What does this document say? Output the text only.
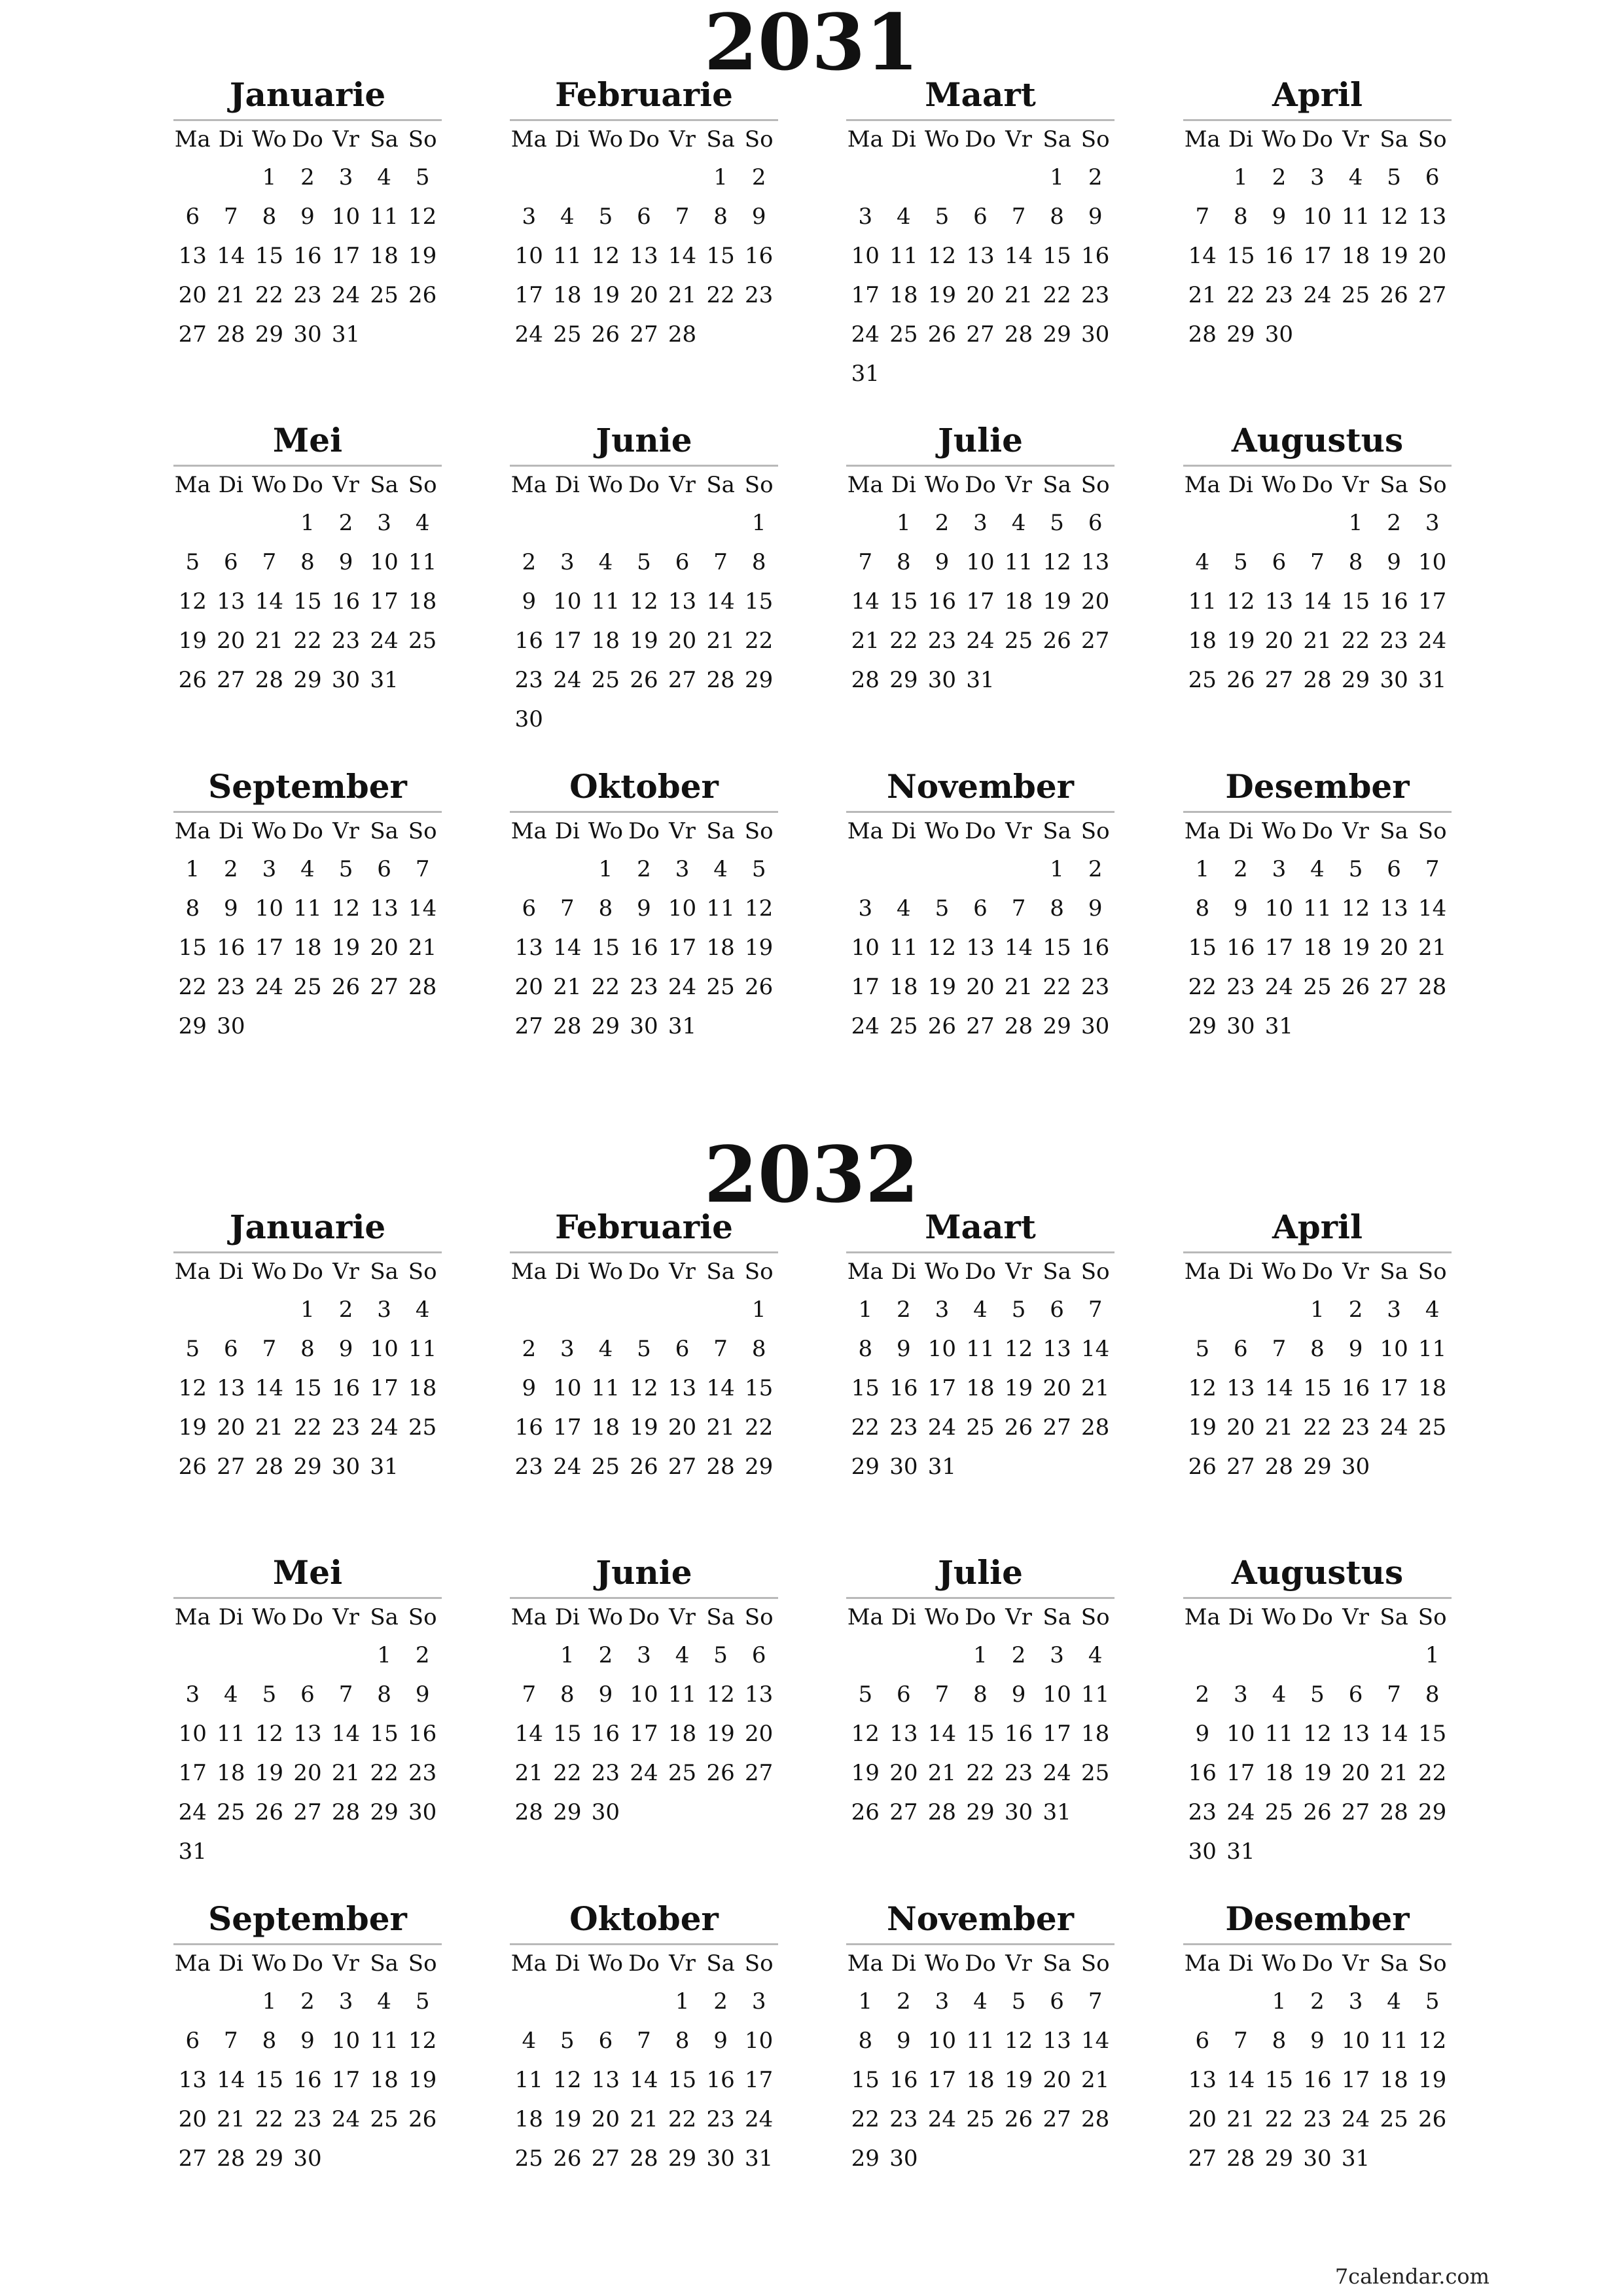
2031
Januarie
Ma	Di	Wo	Do	Vr	Sa	So
		1	2	3	4	5
6	7	8	9	10	11	12
13	14	15	16	17	18	19
20	21	22	23	24	25	26
27	28	29	30	31		
Februarie
Ma	Di	Wo	Do	Vr	Sa	So
					1	2
3	4	5	6	7	8	9
10	11	12	13	14	15	16
17	18	19	20	21	22	23
24	25	26	27	28		
Maart
Ma	Di	Wo	Do	Vr	Sa	So
					1	2
3	4	5	6	7	8	9
10	11	12	13	14	15	16
17	18	19	20	21	22	23
24	25	26	27	28	29	30
31						
April
Ma	Di	Wo	Do	Vr	Sa	So
	1	2	3	4	5	6
7	8	9	10	11	12	13
14	15	16	17	18	19	20
21	22	23	24	25	26	27
28	29	30				
Mei
Ma	Di	Wo	Do	Vr	Sa	So
			1	2	3	4
5	6	7	8	9	10	11
12	13	14	15	16	17	18
19	20	21	22	23	24	25
26	27	28	29	30	31	
Junie
Ma	Di	Wo	Do	Vr	Sa	So
						1
2	3	4	5	6	7	8
9	10	11	12	13	14	15
16	17	18	19	20	21	22
23	24	25	26	27	28	29
30						
Julie
Ma	Di	Wo	Do	Vr	Sa	So
	1	2	3	4	5	6
7	8	9	10	11	12	13
14	15	16	17	18	19	20
21	22	23	24	25	26	27
28	29	30	31			
Augustus
Ma	Di	Wo	Do	Vr	Sa	So
				1	2	3
4	5	6	7	8	9	10
11	12	13	14	15	16	17
18	19	20	21	22	23	24
25	26	27	28	29	30	31
September
Ma	Di	Wo	Do	Vr	Sa	So
1	2	3	4	5	6	7
8	9	10	11	12	13	14
15	16	17	18	19	20	21
22	23	24	25	26	27	28
29	30					
Oktober
Ma	Di	Wo	Do	Vr	Sa	So
		1	2	3	4	5
6	7	8	9	10	11	12
13	14	15	16	17	18	19
20	21	22	23	24	25	26
27	28	29	30	31		
November
Ma	Di	Wo	Do	Vr	Sa	So
					1	2
3	4	5	6	7	8	9
10	11	12	13	14	15	16
17	18	19	20	21	22	23
24	25	26	27	28	29	30
Desember
Ma	Di	Wo	Do	Vr	Sa	So
1	2	3	4	5	6	7
8	9	10	11	12	13	14
15	16	17	18	19	20	21
22	23	24	25	26	27	28
29	30	31				
2032
Januarie
Ma	Di	Wo	Do	Vr	Sa	So
			1	2	3	4
5	6	7	8	9	10	11
12	13	14	15	16	17	18
19	20	21	22	23	24	25
26	27	28	29	30	31	
Februarie
Ma	Di	Wo	Do	Vr	Sa	So
						1
2	3	4	5	6	7	8
9	10	11	12	13	14	15
16	17	18	19	20	21	22
23	24	25	26	27	28	29
Maart
Ma	Di	Wo	Do	Vr	Sa	So
1	2	3	4	5	6	7
8	9	10	11	12	13	14
15	16	17	18	19	20	21
22	23	24	25	26	27	28
29	30	31				
April
Ma	Di	Wo	Do	Vr	Sa	So
			1	2	3	4
5	6	7	8	9	10	11
12	13	14	15	16	17	18
19	20	21	22	23	24	25
26	27	28	29	30		
Mei
Ma	Di	Wo	Do	Vr	Sa	So
					1	2
3	4	5	6	7	8	9
10	11	12	13	14	15	16
17	18	19	20	21	22	23
24	25	26	27	28	29	30
31						
Junie
Ma	Di	Wo	Do	Vr	Sa	So
	1	2	3	4	5	6
7	8	9	10	11	12	13
14	15	16	17	18	19	20
21	22	23	24	25	26	27
28	29	30				
Julie
Ma	Di	Wo	Do	Vr	Sa	So
			1	2	3	4
5	6	7	8	9	10	11
12	13	14	15	16	17	18
19	20	21	22	23	24	25
26	27	28	29	30	31	
Augustus
Ma	Di	Wo	Do	Vr	Sa	So
						1
2	3	4	5	6	7	8
9	10	11	12	13	14	15
16	17	18	19	20	21	22
23	24	25	26	27	28	29
30	31					
September
Ma	Di	Wo	Do	Vr	Sa	So
		1	2	3	4	5
6	7	8	9	10	11	12
13	14	15	16	17	18	19
20	21	22	23	24	25	26
27	28	29	30			
Oktober
Ma	Di	Wo	Do	Vr	Sa	So
				1	2	3
4	5	6	7	8	9	10
11	12	13	14	15	16	17
18	19	20	21	22	23	24
25	26	27	28	29	30	31
November
Ma	Di	Wo	Do	Vr	Sa	So
1	2	3	4	5	6	7
8	9	10	11	12	13	14
15	16	17	18	19	20	21
22	23	24	25	26	27	28
29	30					
Desember
Ma	Di	Wo	Do	Vr	Sa	So
		1	2	3	4	5
6	7	8	9	10	11	12
13	14	15	16	17	18	19
20	21	22	23	24	25	26
27	28	29	30	31		
7calendar.com
